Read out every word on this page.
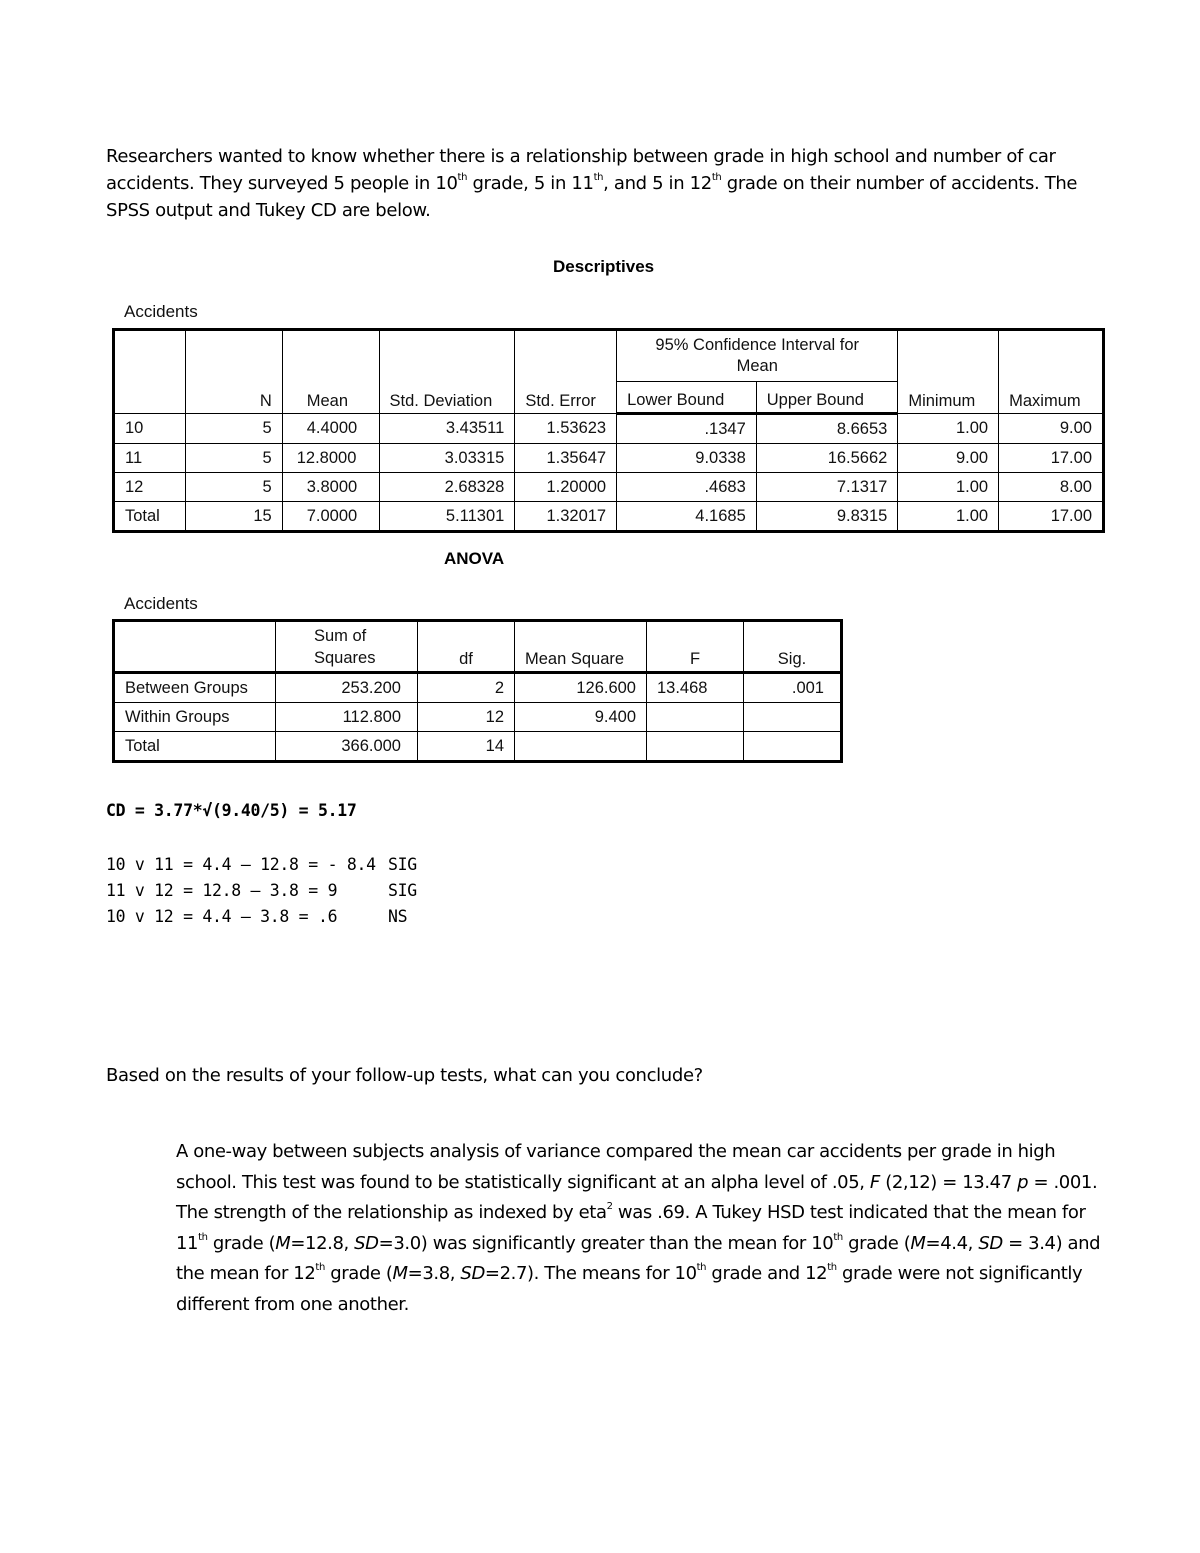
Researchers wanted to know whether there is a relationship between grade in high school and number of car accidents. They surveyed 5 people in 10th grade, 5 in 11th, and 5 in 12th grade on their number of accidents. The SPSS output and Tukey CD are below.
Descriptives
Accidents
	N	Mean	Std. Deviation	Std. Error	95% Confidence Interval for Mean		Minimum	Maximum
					Lower Bound	Upper Bound		
10	5	4.4000	3.43511	1.53623	.1347	8.6653	1.00	9.00
11	5	12.8000	3.03315	1.35647	9.0338	16.5662	9.00	17.00
12	5	3.8000	2.68328	1.20000	.4683	7.1317	1.00	8.00
Total	15	7.0000	5.11301	1.32017	4.1685	9.8315	1.00	17.00
ANOVA
Accidents
	Sum of Squares	df	Mean Square	F	Sig.
Between Groups	253.200	2	126.600	13.468	.001
Within Groups	112.800	12	9.400		
Total	366.000	14			
CD = 3.77*√(9.40/5) = 5.17
10 v 11 = 4.4 – 12.8 = - 8.4 SIG
11 v 12 = 12.8 – 3.8 = 9	SIG
10 v 12 = 4.4 – 3.8 = .6	NS
Based on the results of your follow-up tests, what can you conclude?
A one-way between subjects analysis of variance compared the mean car accidents per grade in high school. This test was found to be statistically significant at an alpha level of .05, F (2,12) = 13.47 p = .001. The strength of the relationship as indexed by eta$^2$ was .69. A Tukey HSD test indicated that the mean for 11th grade (M=12.8, SD=3.0) was significantly greater than the mean for 10th grade (M=4.4, SD = 3.4) and the mean for 12th grade (M=3.8, SD=2.7). The means for 10th grade and 12th grade were not significantly different from one another.
